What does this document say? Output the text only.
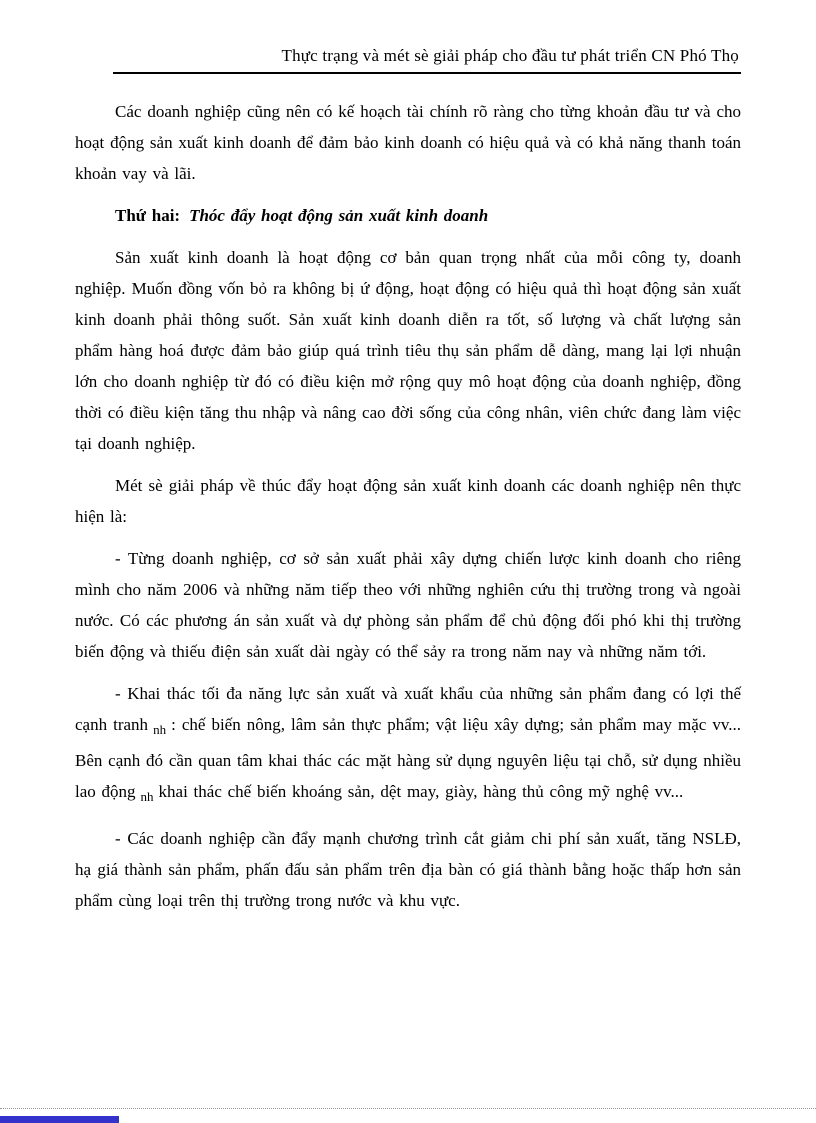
Thực trạng và mét sè giải pháp cho đầu tư phát triển CN Phó Thọ

Các doanh nghiệp cũng nên có kế hoạch tài chính rõ ràng cho từng khoản đầu tư và cho hoạt động sản xuất kinh doanh để đảm bảo kinh doanh có hiệu quả và có khả năng thanh toán khoản vay và lãi.

Thứ hai: Thóc đẩy hoạt động sản xuất kinh doanh

Sản xuất kinh doanh là hoạt động cơ bản quan trọng nhất của mỗi công ty, doanh nghiệp. Muốn đồng vốn bỏ ra không bị ứ động, hoạt động có hiệu quả thì hoạt động sản xuất kinh doanh phải thông suốt. Sản xuất kinh doanh diễn ra tốt, số lượng và chất lượng sản phẩm hàng hoá được đảm bảo giúp quá trình tiêu thụ sản phẩm dễ dàng, mang lại lợi nhuận lớn cho doanh nghiệp từ đó có điều kiện mở rộng quy mô hoạt động của doanh nghiệp, đồng thời có điều kiện tăng thu nhập và nâng cao đời sống của công nhân, viên chức đang làm việc tại doanh nghiệp.

Mét sè giải pháp về thúc đẩy hoạt động sản xuất kinh doanh các doanh nghiệp nên thực hiện là:

- Từng doanh nghiệp, cơ sở sản xuất phải xây dựng chiến lược kinh doanh cho riêng mình cho năm 2006 và những năm tiếp theo với những nghiên cứu thị trường trong và ngoài nước. Có các phương án sản xuất và dự phòng sản phẩm để chủ động đối phó khi thị trường biến động và thiếu điện sản xuất dài ngày có thể sảy ra trong năm nay và những năm tới.

- Khai thác tối đa năng lực sản xuất và xuất khẩu của những sản phẩm đang có lợi thế cạnh tranh $_{nh}$ : chế biến nông, lâm sản thực phẩm; vật liệu xây dựng; sản phẩm may mặc vv... Bên cạnh đó cần quan tâm khai thác các mặt hàng sử dụng nguyên liệu tại chỗ, sử dụng nhiều lao động $_{nh}$ khai thác chế biến khoáng sản, dệt may, giày, hàng thủ công mỹ nghệ vv...

- Các doanh nghiệp cần đẩy mạnh chương trình cắt giảm chi phí sản xuất, tăng NSLĐ, hạ giá thành sản phẩm, phấn đấu sản phẩm trên địa bàn có giá thành bằng hoặc thấp hơn sản phẩm cùng loại trên thị trường trong nước và khu vực.
